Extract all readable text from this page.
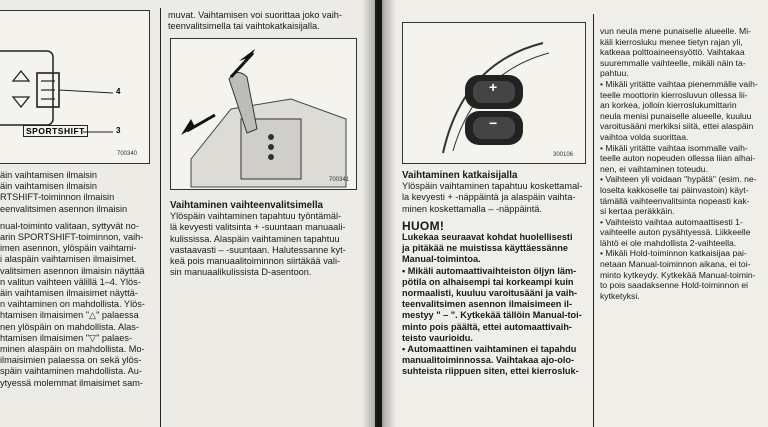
4
3
SPORTSHIFT
700340

äin vaihtamisen ilmaisin

äin vaihtamisen ilmaisin

RTSHIFT-toiminnon ilmaisin

eenvalitsimen asennon ilmaisin

nual-toiminto valitaan, syttyvät no-

arin SPORTSHIFT-toiminnon, vaih-

imen asennon, ylöspäin vaihtami-

i alaspäin vaihtamisen ilmaisimet.

valitsimen asennon ilmaisin näyttää

n valitun vaihteen välillä 1–4. Ylös-

äin vaihtamisen ilmaisimet näyttä-

n vaihtaminen on mahdollista. Ylös-

htamisen ilmaisimen "△" palaessa

nen ylöspäin on mahdollista. Alas-

htamisen ilmaisimen "▽" palaes-

minen alaspäin on mahdollista. Mo-

ilmaisimien palaessa on sekä ylös-

späin vaihtaminen mahdollista. Au-

ytyessä molemmat ilmaisimet sam-

muvat. Vaihtamisen voi suorittaa joko vaih-

teenvalitsimella tai vaihtokatkaisijalla.

700341

Vaihtaminen vaihteenvalitsimella

Ylöspäin vaihtaminen tapahtuu työntämäl-

lä kevyesti valitsinta + -suuntaan manuaali-

kulississa. Alaspäin vaihtaminen tapahtuu

vastaavasti – -suuntaan. Halutessanne kyt-

keä pois manuaalitoiminnon siirtäkää vali-

sin manuaalikulissista D-asentoon.

+
−
300106

Vaihtaminen katkaisijalla

Ylöspäin vaihtaminen tapahtuu koskettamal-

la kevyesti + -näppäintä ja alaspäin vaihta-

minen koskettamalla – -näppäintä.

HUOM!

Lukekaa seuraavat kohdat huolellisesti

ja pitäkää ne muistissa käyttäessänne

Manual-toimintoa.

• Mikäli automaattivaihteiston öljyn läm-

pötila on alhaisempi tai korkeampi kuin

normaalisti, kuuluu varoitusääni ja vaih-

teenvalitsimen asennon ilmaisimeen il-

mestyy " – ". Kytkekää tällöin Manual-toi-

minto pois päältä, ettei automaattivaih-

teisto vaurioidu.

• Automaattinen vaihtaminen ei tapahdu

manualitoiminnossa. Vaihtakaa ajo-olo-

suhteista riippuen siten, ettei kierrosluk-

vun neula mene punaiselle alueelle. Mi-

käli kierrosluku menee tietyn rajan yli,

katkeaa polttoaineensyöttö. Vaihtakaa

suuremmalle vaihteelle, mikäli näin ta-

pahtuu.

• Mikäli yritätte vaihtaa pienemmälle vaih-

teelle moottorin kierrosluvun ollessa lii-

an korkea, jolloin kierroslukumittarin

neula menisi punaiselle alueelle, kuuluu

varoitusääni merkiksi siitä, ettei alaspäin

vaihtoa volda suorittaa.

• Mikäli yritätte vaihtaa isommalle vaih-

teelle auton nopeuden ollessa liian alhai-

nen, ei vaihtaminen toteudu.

• Vaihteen yli voidaan "hypätä" (esim. ne-

loselta kakkoselle tai päinvastoin) käyt-

tämällä vaihteenvalitsinta nopeasti kak-

si kertaa peräkkäin.

• Vaihteisto vaihtaa automaattisesti 1-

vaihteelle auton pysähtyessä. Liikkeelle

lähtö ei ole mahdollista 2-vaihteella.

• Mikäli Hold-toiminnon katkaisijaa pai-

netaan Manual-toiminnon aikana, ei toi-

minto kytkeydy. Kytkekää Manual-toimin-

to pois saadaksenne Hold-toiminnon ei

kytketyksi.
